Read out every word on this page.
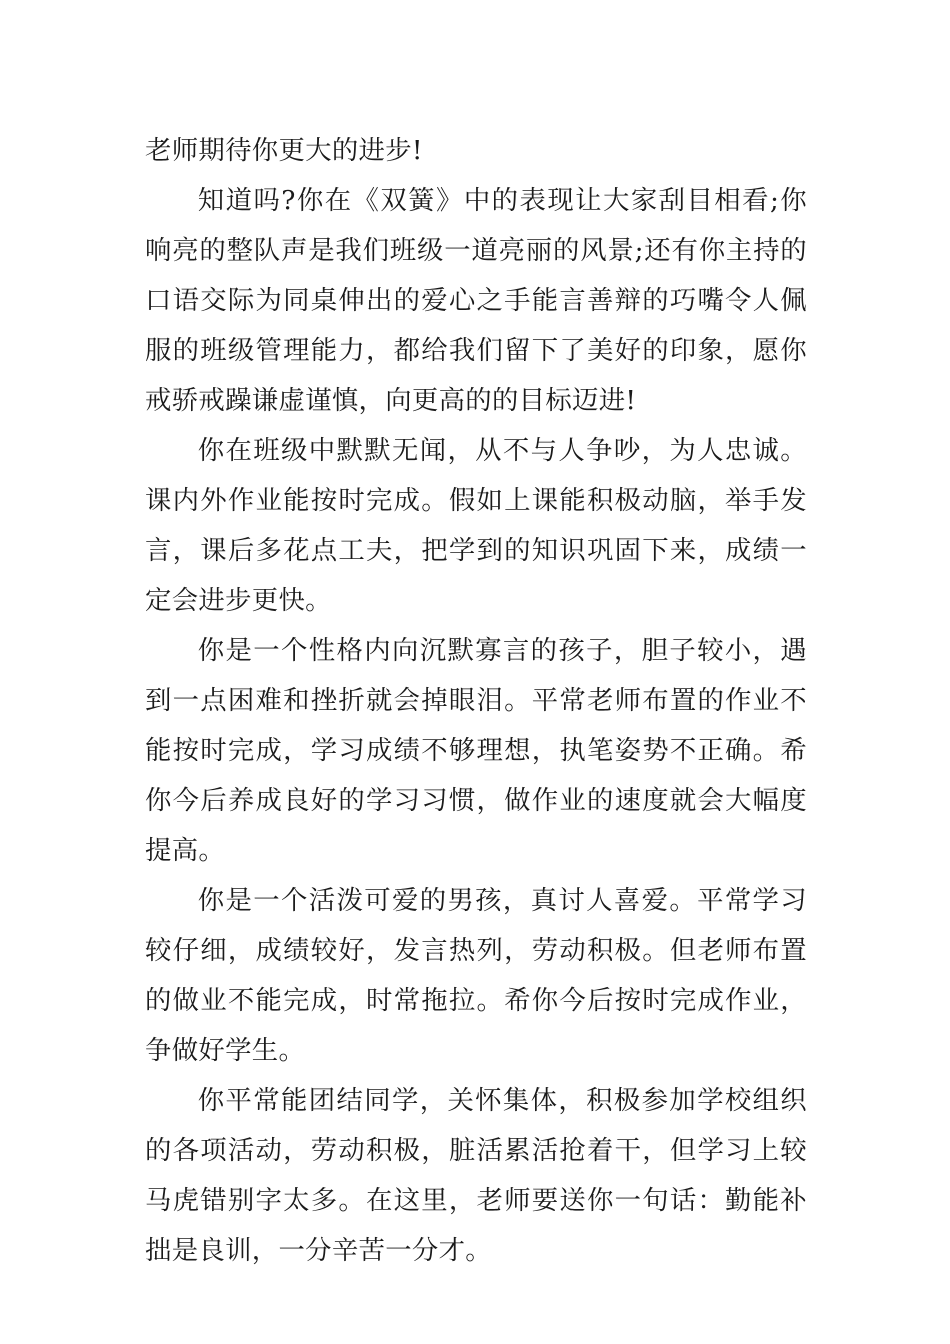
老师期待你更大的进步!

知道吗?你在《双簧》中的表现让大家刮目相看;你响亮的整队声是我们班级一道亮丽的风景;还有你主持的口语交际为同桌伸出的爱心之手能言善辩的巧嘴令人佩服的班级管理能力，都给我们留下了美好的印象，愿你戒骄戒躁谦虚谨慎，向更高的的目标迈进!

你在班级中默默无闻，从不与人争吵，为人忠诚。课内外作业能按时完成。假如上课能积极动脑，举手发言，课后多花点工夫，把学到的知识巩固下来，成绩一定会进步更快。

你是一个性格内向沉默寡言的孩子，胆子较小，遇到一点困难和挫折就会掉眼泪。平常老师布置的作业不能按时完成，学习成绩不够理想，执笔姿势不正确。希你今后养成良好的学习习惯，做作业的速度就会大幅度提高。

你是一个活泼可爱的男孩，真讨人喜爱。平常学习较仔细，成绩较好，发言热列，劳动积极。但老师布置的做业不能完成，时常拖拉。希你今后按时完成作业，争做好学生。

你平常能团结同学，关怀集体，积极参加学校组织的各项活动，劳动积极，脏活累活抢着干，但学习上较马虎错别字太多。在这里，老师要送你一句话：勤能补拙是良训，一分辛苦一分才。
